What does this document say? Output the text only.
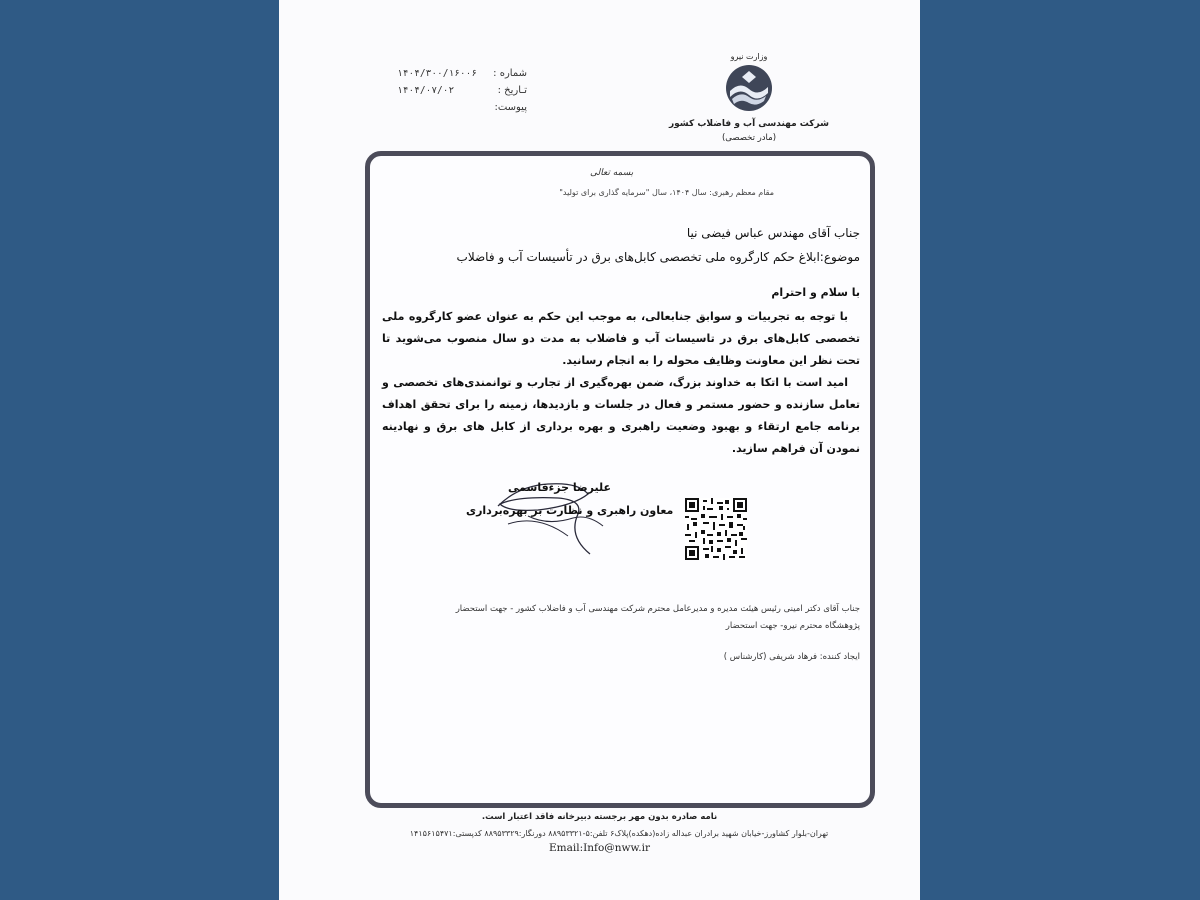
شماره :
۱۴۰۴/۳۰۰/۱۶۰۰۶
تـاریخ :
۱۴۰۴/۰۷/۰۲
پیوست:
وزارت نیرو
شرکت مهندسی آب و فاضلاب کشور
(مادر تخصصی)
بسمه تعالی
مقام معظم رهبری: سال ۱۴۰۴، سال "سرمایه گذاری برای تولید"
جناب آقای مهندس عباس فیضی نیا
موضوع:ابلاغ حکم کارگروه ملی تخصصی کابل‌های برق در تأسیسات آب و فاضلاب
با سلام و احترام

با توجه به تجربیات و سوابق جنابعالی، به موجب این حکم به عنوان عضو کارگروه ملی تخصصی کابل‌های برق در تاسیسات آب و فاضلاب به مدت دو سال منصوب می‌شوید تا تحت نظر این معاونت وظایف محوله را به انجام رسانید.

امید است با اتکا به خداوند بزرگ، ضمن بهره‌گیری از تجارب و توانمندی‌های تخصصی و تعامل سازنده و حضور مستمر و فعال در جلسات و بازدیدها، زمینه را برای تحقق اهداف برنامه جامع ارتقاء و بهبود وضعیت راهبری و بهره برداری از کابل های برق و نهادینه نمودن آن فراهم سازید.

علیرضا جزءقاسمی
معاون راهبری و نظارت بر بهره‌برداری
جناب آقای دکتر امینی رئیس هیئت مدیره و مدیرعامل محترم شرکت مهندسی آب و فاضلاب کشور - جهت استحضار
پژوهشگاه محترم نیرو- جهت استحضار
ایجاد کننده: فرهاد شریفی (کارشناس )
نامه صادره بدون مهر برجسته دبیرخانه فاقد اعتبار است.
تهران-بلوار کشاورز-خیابان شهید برادران عبداله زاده(دهکده)پلاک۶ تلفن:۵-۸۸۹۵۳۳۲۱ دورنگار:۸۸۹۵۳۳۲۹ کدپستی:۱۴۱۵۶۱۵۴۷۱
Email:Info@nww.ir
